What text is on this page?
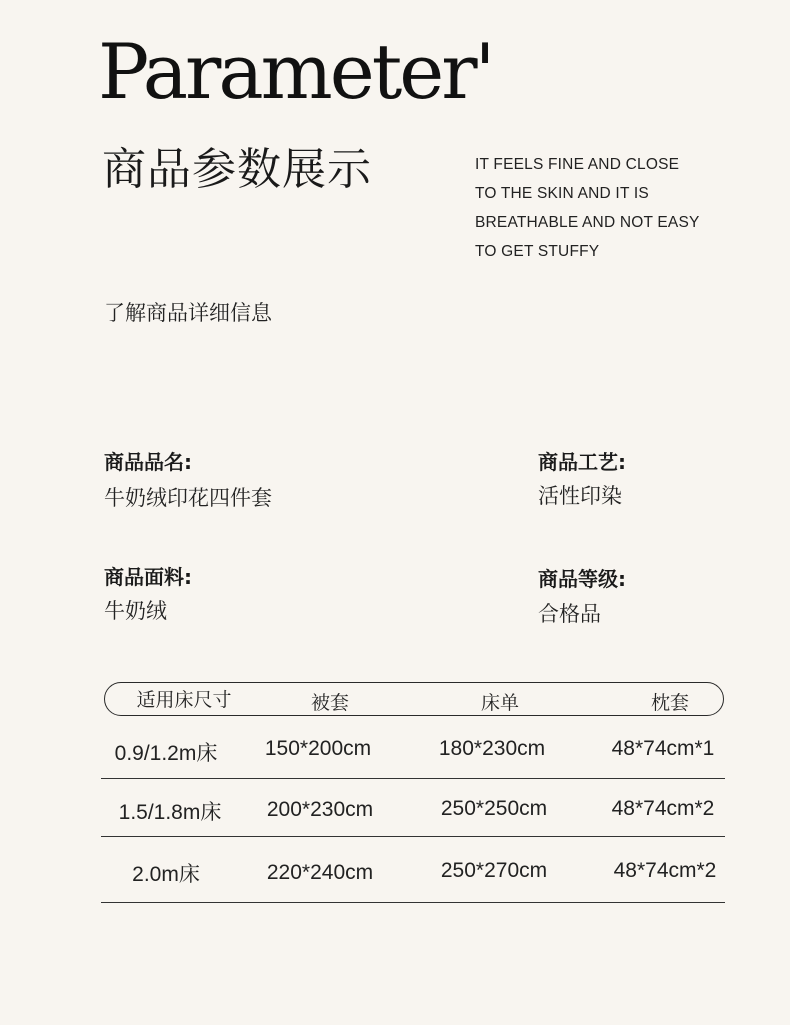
Parameter'
商品参数展示	IT FEELS FINE AND CLOSE
TO THE SKIN AND IT IS
BREATHABLE AND NOT EASY
TO GET STUFFY
了解商品详细信息
商品品名:
牛奶绒印花四件套
商品工艺:
活性印染
商品面料:
牛奶绒
商品等级:
合格品
适用床尺寸	被套	床单	枕套
0.9/1.2m床	150*200cm	180*230cm	48*74cm*1
1.5/1.8m床	200*230cm	250*250cm	48*74cm*2
2.0m床	220*240cm	250*270cm	48*74cm*2
